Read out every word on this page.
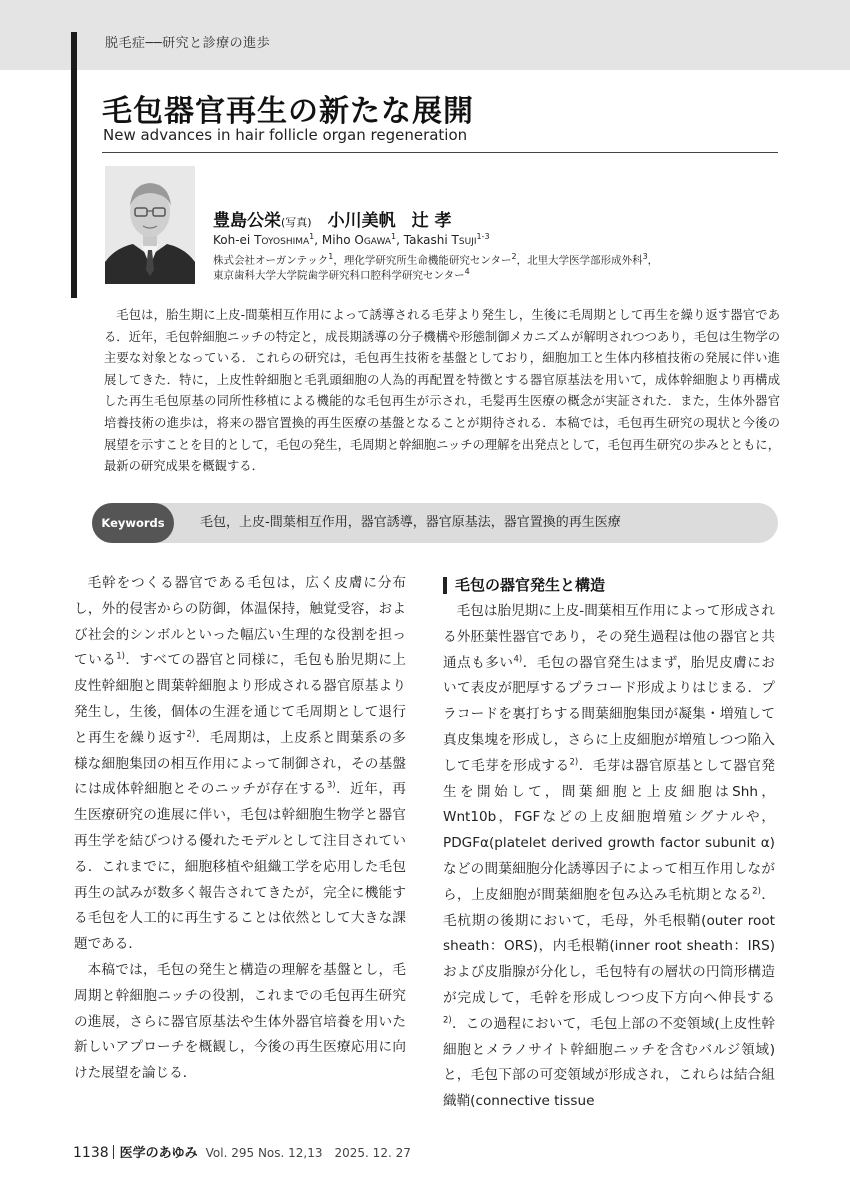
脱毛症──研究と診療の進歩
毛包器官再生の新たな展開
New advances in hair follicle organ regeneration
豊島公栄(写真) 小川美帆 辻 孝
Koh-ei TOYOSHIMA$^1$, Miho OGAWA$^1$, Takashi TSUJI$^{1-3}$
株式会社オーガンテック$^1$，理化学研究所生命機能研究センター$^2$，北里大学医学部形成外科$^3$，
東京歯科大学大学院歯学研究科口腔科学研究センター$^4$

毛包は，胎生期に上皮‐間葉相互作用によって誘導される毛芽より発生し，生後に毛周期として再生を繰り返す器官である．近年，毛包幹細胞ニッチの特定と，成長期誘導の分子機構や形態制御メカニズムが解明されつつあり，毛包は生物学の主要な対象となっている．これらの研究は，毛包再生技術を基盤としており，細胞加工と生体内移植技術の発展に伴い進展してきた．特に，上皮性幹細胞と毛乳頭細胞の人為的再配置を特徴とする器官原基法を用いて，成体幹細胞より再構成した再生毛包原基の同所性移植による機能的な毛包再生が示され，毛髪再生医療の概念が実証された．また，生体外器官培養技術の進歩は，将来の器官置換的再生医療の基盤となることが期待される．本稿では，毛包再生研究の現状と今後の展望を示すことを目的として，毛包の発生，毛周期と幹細胞ニッチの理解を出発点として，毛包再生研究の歩みとともに，最新の研究成果を概観する．

Keywords	毛包，上皮‐間葉相互作用，器官誘導，器官原基法，器官置換的再生医療

毛幹をつくる器官である毛包は，広く皮膚に分布し，外的侵害からの防御，体温保持，触覚受容，および社会的シンボルといった幅広い生理的な役割を担っている$^{1)}$．すべての器官と同様に，毛包も胎児期に上皮性幹細胞と間葉幹細胞より形成される器官原基より発生し，生後，個体の生涯を通じて毛周期として退行と再生を繰り返す$^{2)}$．毛周期は，上皮系と間葉系の多様な細胞集団の相互作用によって制御され，その基盤には成体幹細胞とそのニッチが存在する$^{3)}$．近年，再生医療研究の進展に伴い，毛包は幹細胞生物学と器官再生学を結びつける優れたモデルとして注目されている．これまでに，細胞移植や組織工学を応用した毛包再生の試みが数多く報告されてきたが，完全に機能する毛包を人工的に再生することは依然として大きな課題である．

本稿では，毛包の発生と構造の理解を基盤とし，毛周期と幹細胞ニッチの役割，これまでの毛包再生研究の進展，さらに器官原基法や生体外器官培養を用いた新しいアプローチを概観し，今後の再生医療応用に向けた展望を論じる．

毛包の器官発生と構造

毛包は胎児期に上皮‐間葉相互作用によって形成される外胚葉性器官であり，その発生過程は他の器官と共通点も多い$^{4)}$．毛包の器官発生はまず，胎児皮膚において表皮が肥厚するプラコード形成よりはじまる．プラコードを裏打ちする間葉細胞集団が凝集・増殖して真皮集塊を形成し，さらに上皮細胞が増殖しつつ陥入して毛芽を形成する$^{2)}$．毛芽は器官原基として器官発生を開始して，間葉細胞と上皮細胞はShh，Wnt10b，FGFなどの上皮細胞増殖シグナルや，PDGFα(platelet derived growth factor subunit α)などの間葉細胞分化誘導因子によって相互作用しながら，上皮細胞が間葉細胞を包み込み毛杭期となる$^{2)}$．毛杭期の後期において，毛母，外毛根鞘(outer root sheath：ORS)，内毛根鞘(inner root sheath：IRS)および皮脂腺が分化し，毛包特有の層状の円筒形構造が完成して，毛幹を形成しつつ皮下方向へ伸長する$^{2)}$．この過程において，毛包上部の不変領域(上皮性幹細胞とメラノサイト幹細胞ニッチを含むバルジ領域)と，毛包下部の可変領域が形成され，これらは結合組織鞘(connective tissue

1138 医学のあゆみ Vol. 295 Nos. 12,13　2025. 12. 27
